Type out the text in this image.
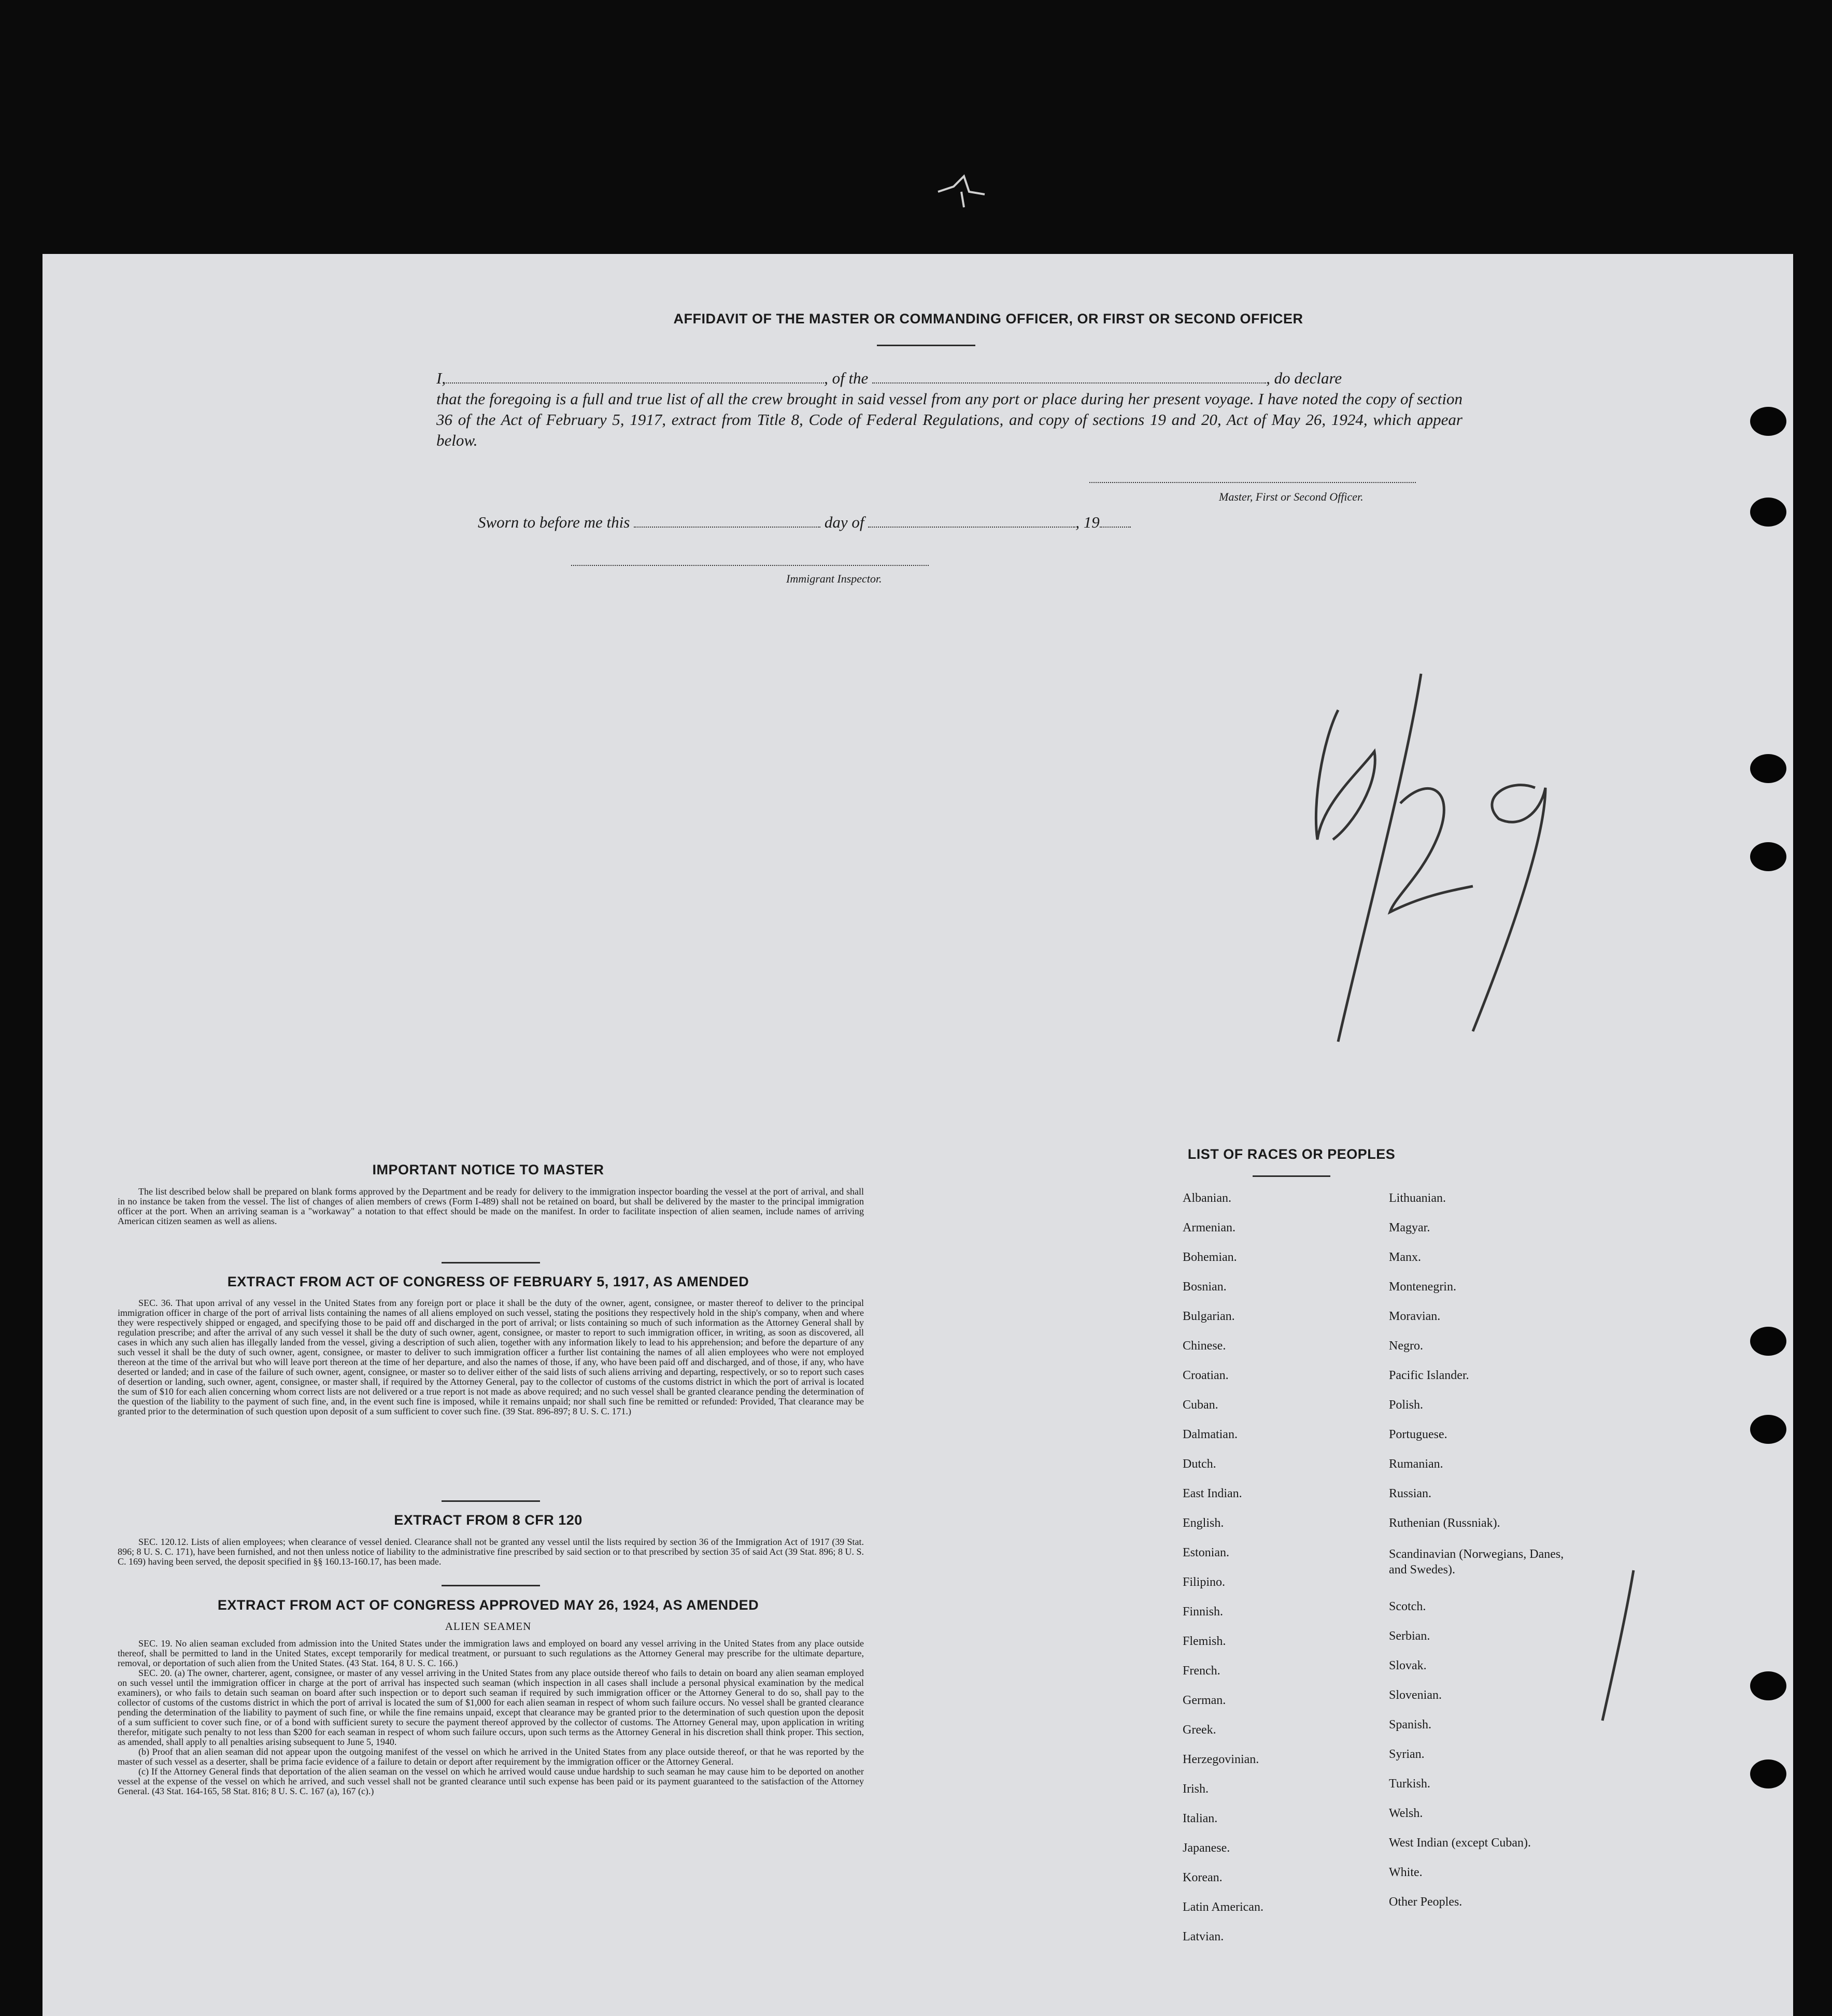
AFFIDAVIT OF THE MASTER OR COMMANDING OFFICER, OR FIRST OR SECOND OFFICER
I,	, of the	, do declare
that the foregoing is a full and true list of all the crew brought in said vessel from any port or place during her present voyage. I have noted the copy of section 36 of the Act of February 5, 1917, extract from Title 8, Code of Federal Regulations, and copy of sections 19 and 20, Act of May 26, 1924, which appear below.
Master, First or Second Officer.
Sworn to before me this	day of	, 19
Immigrant Inspector.
IMPORTANT NOTICE TO MASTER

The list described below shall be prepared on blank forms approved by the Department and be ready for delivery to the immigration inspector boarding the vessel at the port of arrival, and shall in no instance be taken from the vessel. The list of changes of alien members of crews (Form I-489) shall not be retained on board, but shall be delivered by the master to the principal immigration officer at the port. When an arriving seaman is a "workaway" a notation to that effect should be made on the manifest. In order to facilitate inspection of alien seamen, include names of arriving American citizen seamen as well as aliens.

EXTRACT FROM ACT OF CONGRESS OF FEBRUARY 5, 1917, AS AMENDED

SEC. 36. That upon arrival of any vessel in the United States from any foreign port or place it shall be the duty of the owner, agent, consignee, or master thereof to deliver to the principal immigration officer in charge of the port of arrival lists containing the names of all aliens employed on such vessel, stating the positions they respectively hold in the ship's company, when and where they were respectively shipped or engaged, and specifying those to be paid off and discharged in the port of arrival; or lists containing so much of such information as the Attorney General shall by regulation prescribe; and after the arrival of any such vessel it shall be the duty of such owner, agent, consignee, or master to report to such immigration officer, in writing, as soon as discovered, all cases in which any such alien has illegally landed from the vessel, giving a description of such alien, together with any information likely to lead to his apprehension; and before the departure of any such vessel it shall be the duty of such owner, agent, consignee, or master to deliver to such immigration officer a further list containing the names of all alien employees who were not employed thereon at the time of the arrival but who will leave port thereon at the time of her departure, and also the names of those, if any, who have been paid off and discharged, and of those, if any, who have deserted or landed; and in case of the failure of such owner, agent, consignee, or master so to deliver either of the said lists of such aliens arriving and departing, respectively, or so to report such cases of desertion or landing, such owner, agent, consignee, or master shall, if required by the Attorney General, pay to the collector of customs of the customs district in which the port of arrival is located the sum of $10 for each alien concerning whom correct lists are not delivered or a true report is not made as above required; and no such vessel shall be granted clearance pending the determination of the question of the liability to the payment of such fine, and, in the event such fine is imposed, while it remains unpaid; nor shall such fine be remitted or refunded: Provided, That clearance may be granted prior to the determination of such question upon deposit of a sum sufficient to cover such fine. (39 Stat. 896-897; 8 U. S. C. 171.)

EXTRACT FROM 8 CFR 120

SEC. 120.12. Lists of alien employees; when clearance of vessel denied. Clearance shall not be granted any vessel until the lists required by section 36 of the Immigration Act of 1917 (39 Stat. 896; 8 U. S. C. 171), have been furnished, and not then unless notice of liability to the administrative fine prescribed by said section or to that prescribed by section 35 of said Act (39 Stat. 896; 8 U. S. C. 169) having been served, the deposit specified in §§ 160.13-160.17, has been made.

EXTRACT FROM ACT OF CONGRESS APPROVED MAY 26, 1924, AS AMENDED
ALIEN SEAMEN

SEC. 19. No alien seaman excluded from admission into the United States under the immigration laws and employed on board any vessel arriving in the United States from any place outside thereof, shall be permitted to land in the United States, except temporarily for medical treatment, or pursuant to such regulations as the Attorney General may prescribe for the ultimate departure, removal, or deportation of such alien from the United States. (43 Stat. 164, 8 U. S. C. 166.)

SEC. 20. (a) The owner, charterer, agent, consignee, or master of any vessel arriving in the United States from any place outside thereof who fails to detain on board any alien seaman employed on such vessel until the immigration officer in charge at the port of arrival has inspected such seaman (which inspection in all cases shall include a personal physical examination by the medical examiners), or who fails to detain such seaman on board after such inspection or to deport such seaman if required by such immigration officer or the Attorney General to do so, shall pay to the collector of customs of the customs district in which the port of arrival is located the sum of $1,000 for each alien seaman in respect of whom such failure occurs. No vessel shall be granted clearance pending the determination of the liability to payment of such fine, or while the fine remains unpaid, except that clearance may be granted prior to the determination of such question upon the deposit of a sum sufficient to cover such fine, or of a bond with sufficient surety to secure the payment thereof approved by the collector of customs. The Attorney General may, upon application in writing therefor, mitigate such penalty to not less than $200 for each seaman in respect of whom such failure occurs, upon such terms as the Attorney General in his discretion shall think proper. This section, as amended, shall apply to all penalties arising subsequent to June 5, 1940.

(b) Proof that an alien seaman did not appear upon the outgoing manifest of the vessel on which he arrived in the United States from any place outside thereof, or that he was reported by the master of such vessel as a deserter, shall be prima facie evidence of a failure to detain or deport after requirement by the immigration officer or the Attorney General.

(c) If the Attorney General finds that deportation of the alien seaman on the vessel on which he arrived would cause undue hardship to such seaman he may cause him to be deported on another vessel at the expense of the vessel on which he arrived, and such vessel shall not be granted clearance until such expense has been paid or its payment guaranteed to the satisfaction of the Attorney General. (43 Stat. 164-165, 58 Stat. 816; 8 U. S. C. 167 (a), 167 (c).)

LIST OF RACES OR PEOPLES
Albanian.
Armenian.
Bohemian.
Bosnian.
Bulgarian.
Chinese.
Croatian.
Cuban.
Dalmatian.
Dutch.
East Indian.
English.
Estonian.
Filipino.
Finnish.
Flemish.
French.
German.
Greek.
Herzegovinian.
Irish.
Italian.
Japanese.
Korean.
Latin American.
Latvian.
Lithuanian.
Magyar.
Manx.
Montenegrin.
Moravian.
Negro.
Pacific Islander.
Polish.
Portuguese.
Rumanian.
Russian.
Ruthenian (Russniak).
Scandinavian (Norwegians, Danes, and Swedes).
Scotch.
Serbian.
Slovak.
Slovenian.
Spanish.
Syrian.
Turkish.
Welsh.
West Indian (except Cuban).
White.
Other Peoples.
